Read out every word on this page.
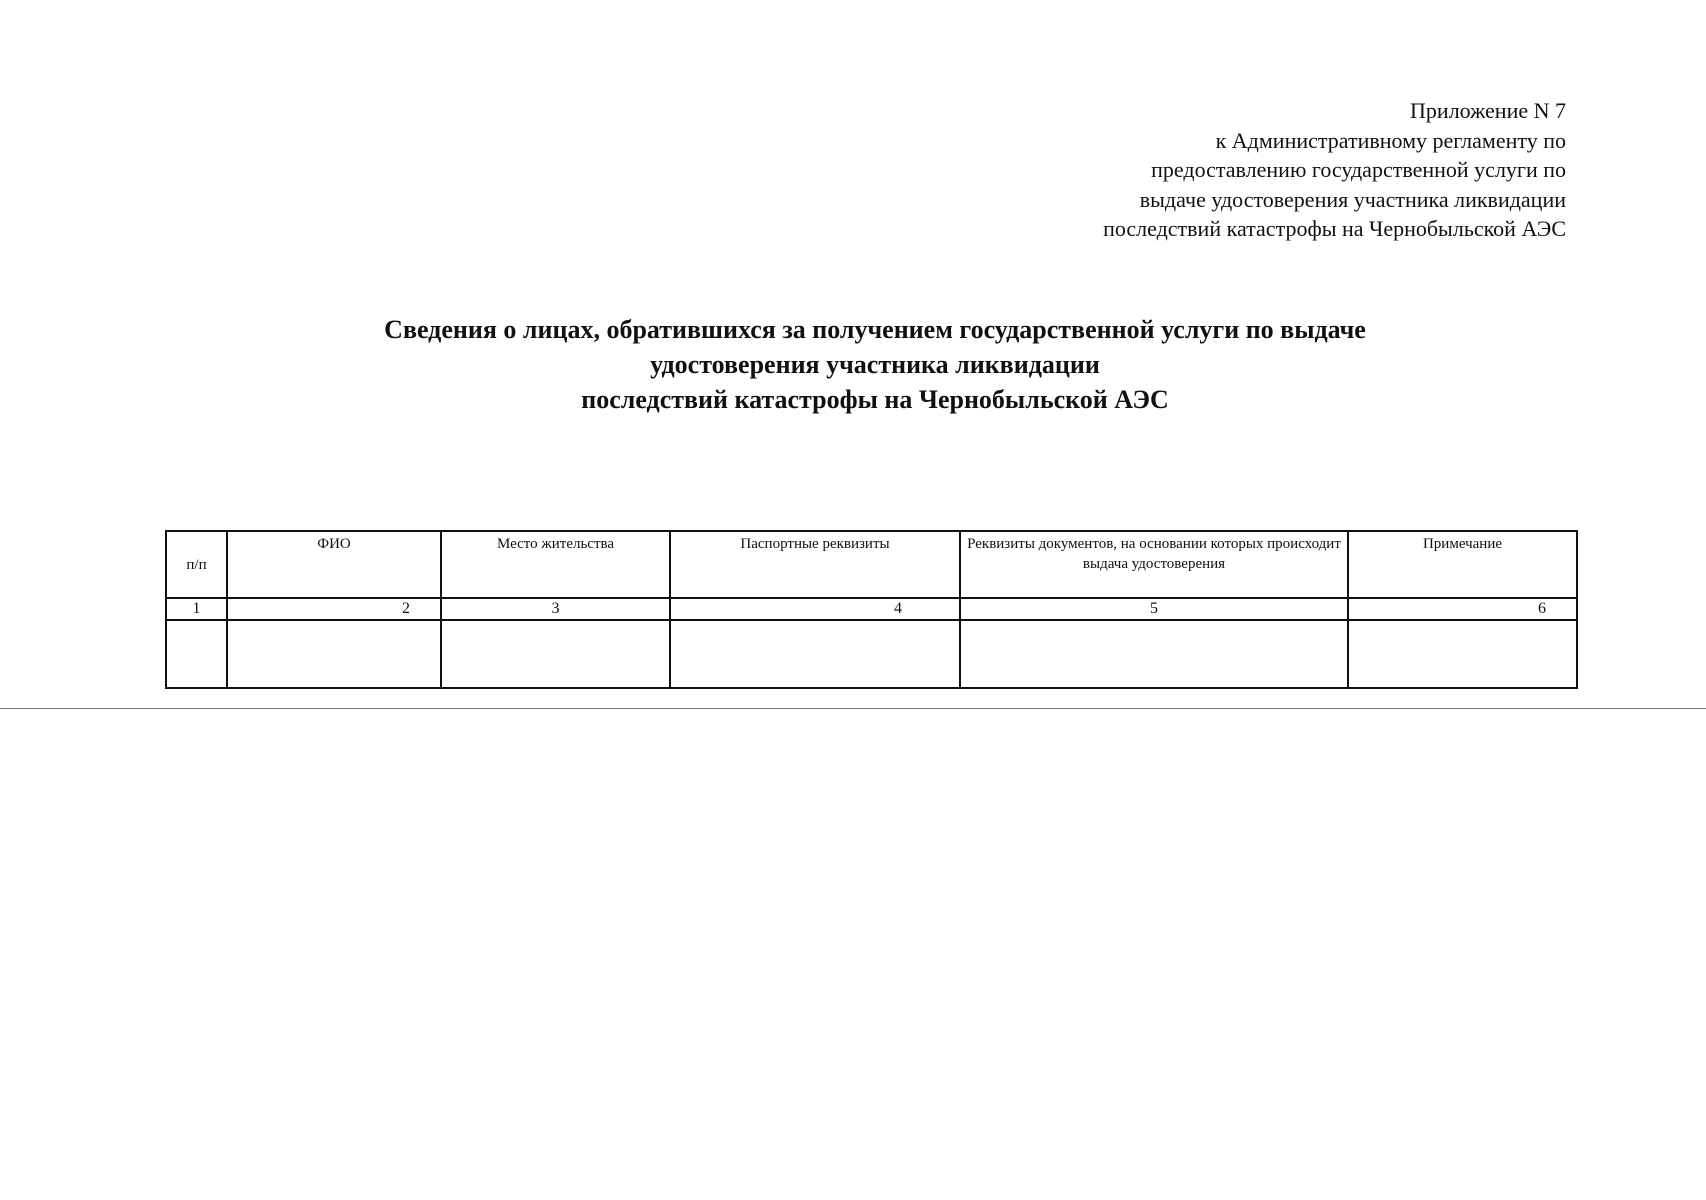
Приложение N 7
к Административному регламенту по
предоставлению государственной услуги по
выдаче удостоверения участника ликвидации
последствий катастрофы на Чернобыльской АЭС
Сведения о лицах, обратившихся за получением государственной услуги по выдаче
удостоверения участника ликвидации
последствий катастрофы на Чернобыльской АЭС
п/п	ФИО	Место жительства	Паспортные реквизиты	Реквизиты документов, на основании которых происходит выдача удостоверения	Примечание
1	2	3	4	5	6
